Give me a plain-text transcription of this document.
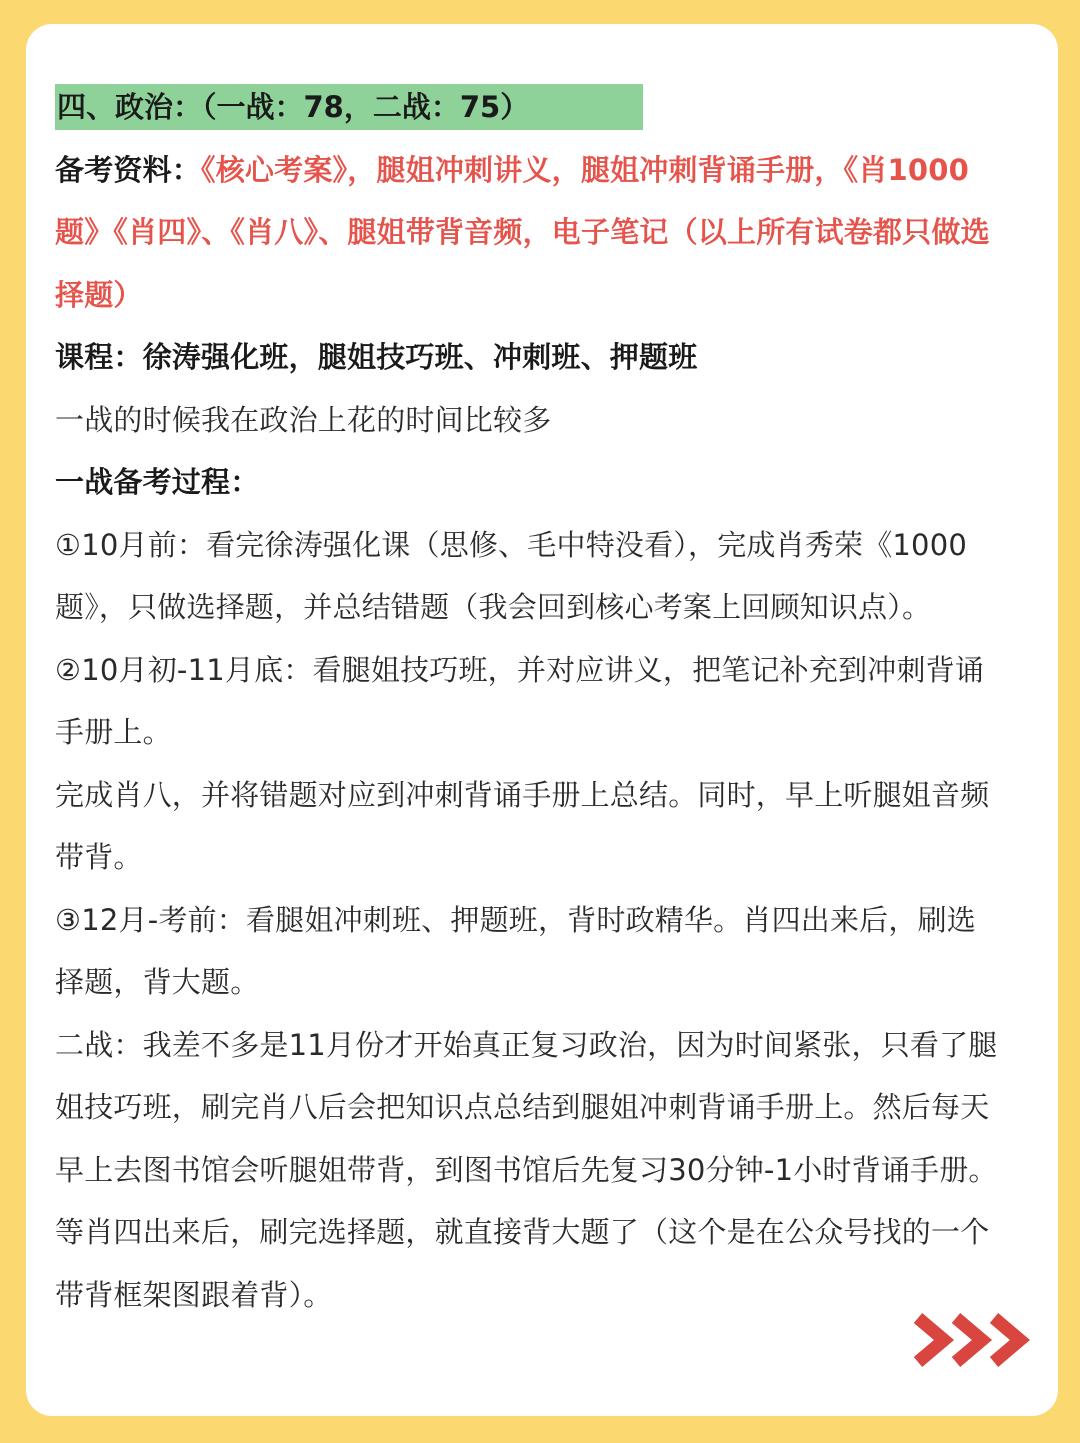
四、政治：（一战：78，二战：75）
备考资料：《核心考案》，腿姐冲刺讲义，腿姐冲刺背诵手册，《肖1000
题》《肖四》、《肖八》、腿姐带背音频，电子笔记（以上所有试卷都只做选
择题）
课程：徐涛强化班，腿姐技巧班、冲刺班、押题班
一战的时候我在政治上花的时间比较多
一战备考过程：
①10月前：看完徐涛强化课（思修、毛中特没看），完成肖秀荣《1000
题》，只做选择题，并总结错题（我会回到核心考案上回顾知识点）。
②10月初-11月底：看腿姐技巧班，并对应讲义，把笔记补充到冲刺背诵
手册上。
完成肖八，并将错题对应到冲刺背诵手册上总结。同时，早上听腿姐音频
带背。
③12月-考前：看腿姐冲刺班、押题班，背时政精华。肖四出来后，刷选
择题，背大题。
二战：我差不多是11月份才开始真正复习政治，因为时间紧张，只看了腿
姐技巧班，刷完肖八后会把知识点总结到腿姐冲刺背诵手册上。然后每天
早上去图书馆会听腿姐带背，到图书馆后先复习30分钟-1小时背诵手册。
等肖四出来后，刷完选择题，就直接背大题了（这个是在公众号找的一个
带背框架图跟着背）。
